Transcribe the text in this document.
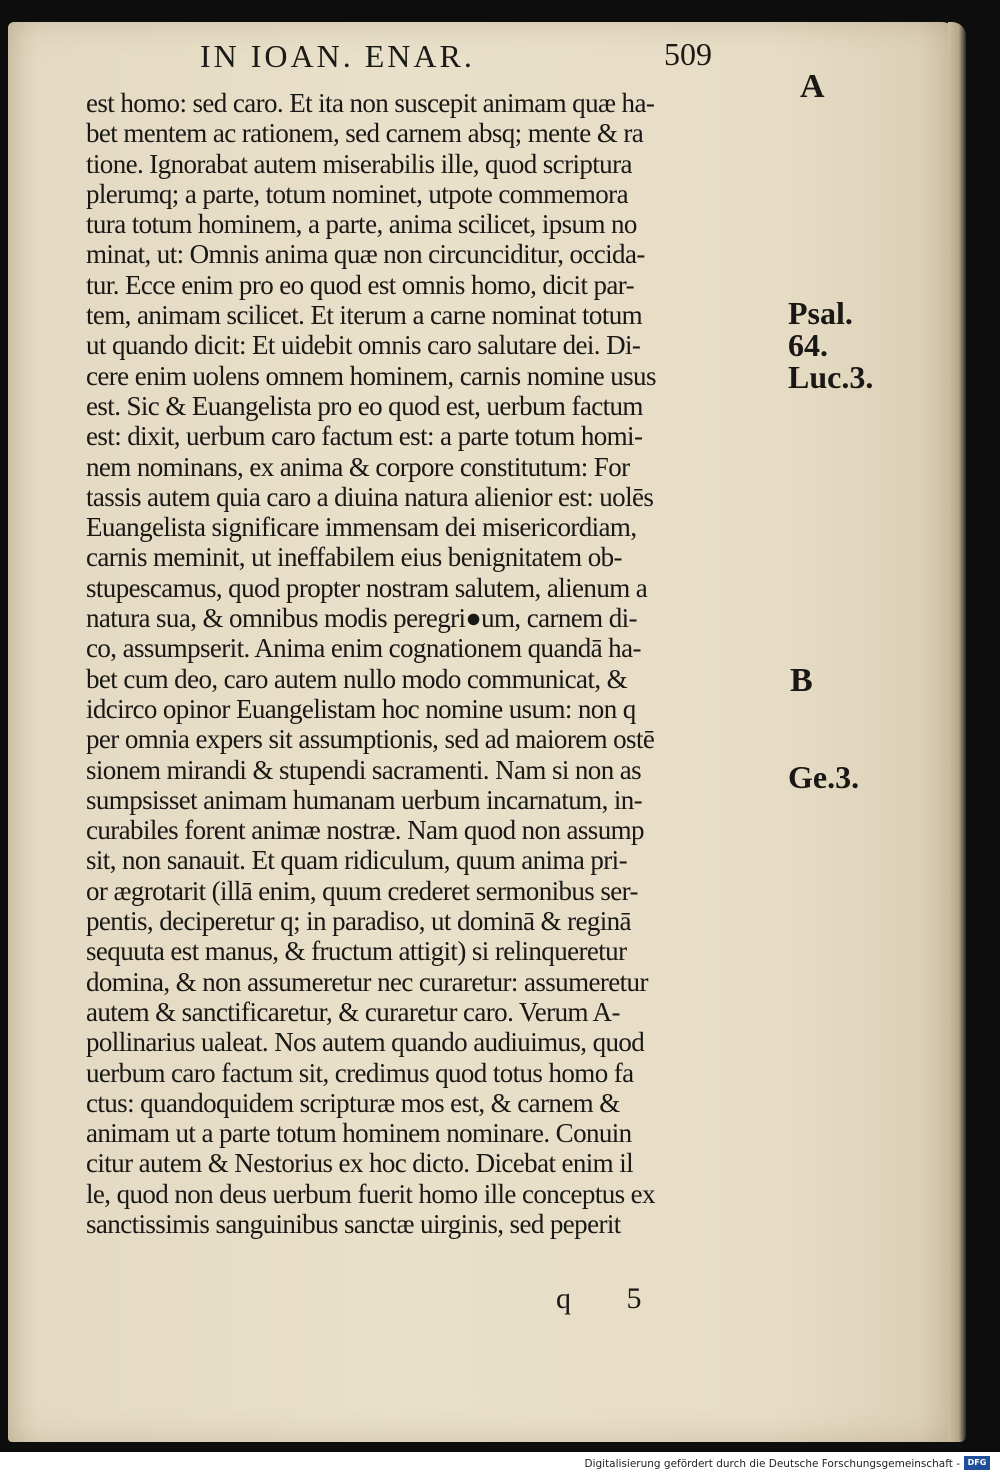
IN IOAN. ENAR.	509
est homo: sed caro. Et ita non suscepit animam quæ ha-
bet mentem ac rationem, sed carnem absq; mente & ra
tione. Ignorabat autem miserabilis ille, quod scriptura
plerumq; a parte, totum nominet, utpote commemora
tura totum hominem, a parte, anima scilicet, ipsum no
minat, ut: Omnis anima quæ non circunciditur, occida-
tur. Ecce enim pro eo quod est omnis homo, dicit par-
tem, animam scilicet. Et iterum a carne nominat totum
ut quando dicit: Et uidebit omnis caro salutare dei. Di-
cere enim uolens omnem hominem, carnis nomine usus
est. Sic & Euangelista pro eo quod est, uerbum factum
est: dixit, uerbum caro factum est: a parte totum homi-
nem nominans, ex anima & corpore constitutum: For
tassis autem quia caro a diuina natura alienior est: uolēs
Euangelista significare immensam dei misericordiam,
carnis meminit, ut ineffabilem eius benignitatem ob-
stupescamus, quod propter nostram salutem, alienum a
natura sua, & omnibus modis peregri●um, carnem di-
co, assumpserit. Anima enim cognationem quandā ha-
bet cum deo, caro autem nullo modo communicat, &
idcirco opinor Euangelistam hoc nomine usum: non q
per omnia expers sit assumptionis, sed ad maiorem ostē
sionem mirandi & stupendi sacramenti. Nam si non as
sumpsisset animam humanam uerbum incarnatum, in-
curabiles forent animæ nostræ. Nam quod non assump
sit, non sanauit. Et quam ridiculum, quum anima pri-
or ægrotarit (illā enim, quum crederet sermonibus ser-
pentis, deciperetur q; in paradiso, ut dominā & reginā
sequuta est manus, & fructum attigit) si relinqueretur
domina, & non assumeretur nec curaretur: assumeretur
autem & sanctificaretur, & curaretur caro. Verum A-
pollinarius ualeat. Nos autem quando audiuimus, quod
uerbum caro factum sit, credimus quod totus homo fa
ctus: quandoquidem scripturæ mos est, & carnem &
animam ut a parte totum hominem nominare. Conuin
citur autem & Nestorius ex hoc dicto. Dicebat enim il
le, quod non deus uerbum fuerit homo ille conceptus ex
sanctissimis sanguinibus sanctæ uirginis, sed peperit
A
Psal.
64.
Luc.3.
B
Ge.3.
q 5
Digitalisierung gefördert durch die Deutsche Forschungsgemeinschaft - DFG
